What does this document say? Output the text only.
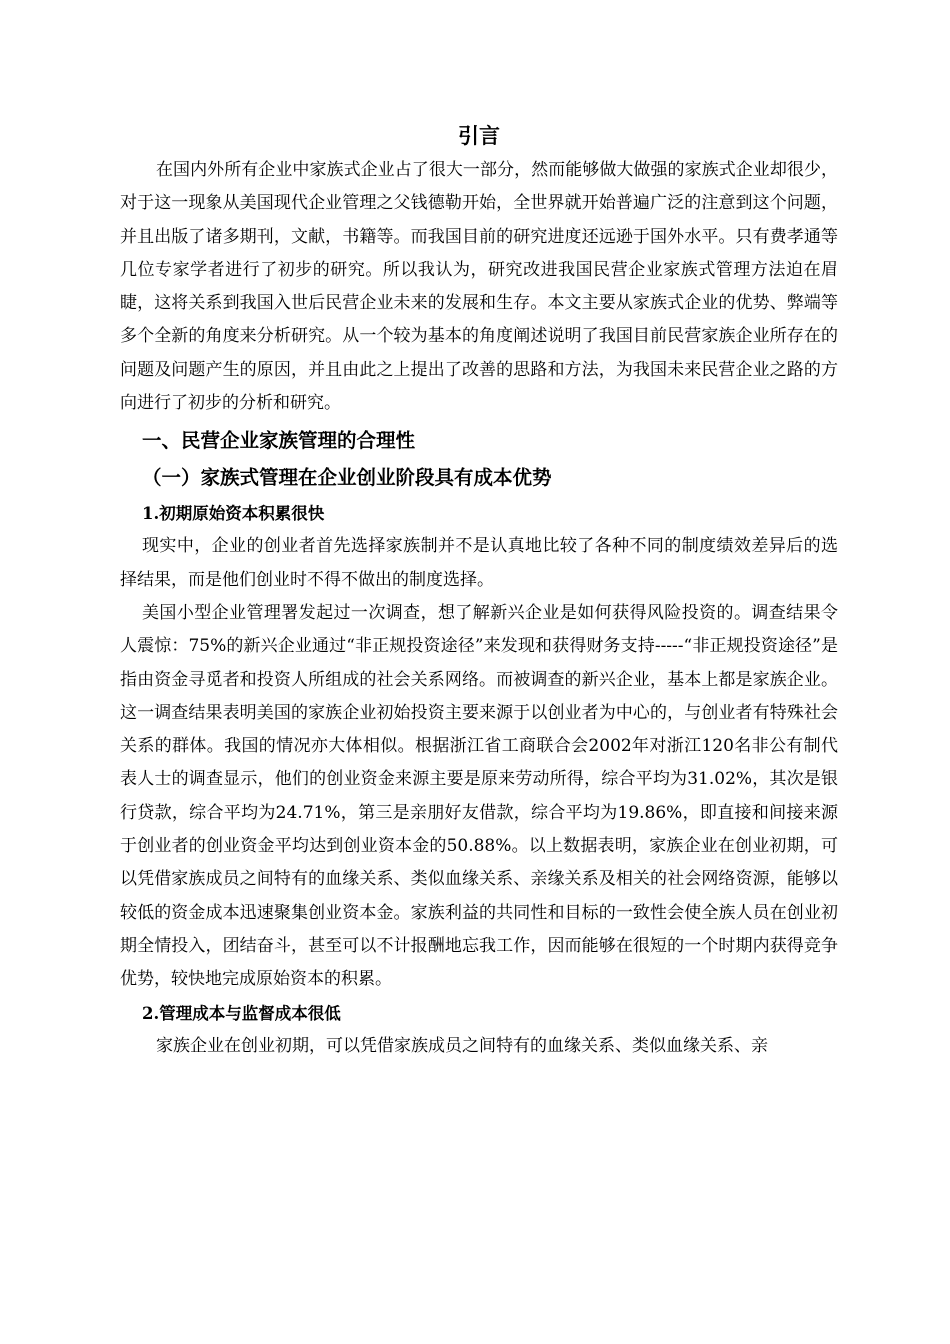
引言

在国内外所有企业中家族式企业占了很大一部分，然而能够做大做强的家族式企业却很少，对于这一现象从美国现代企业管理之父钱德勒开始，全世界就开始普遍广泛的注意到这个问题，并且出版了诸多期刊，文献，书籍等。而我国目前的研究进度还远逊于国外水平。只有费孝通等几位专家学者进行了初步的研究。所以我认为，研究改进我国民营企业家族式管理方法迫在眉睫，这将关系到我国入世后民营企业未来的发展和生存。本文主要从家族式企业的优势、弊端等多个全新的角度来分析研究。从一个较为基本的角度阐述说明了我国目前民营家族企业所存在的问题及问题产生的原因，并且由此之上提出了改善的思路和方法，为我国未来民营企业之路的方向进行了初步的分析和研究。

一、民营企业家族管理的合理性
（一）家族式管理在企业创业阶段具有成本优势
1.初期原始资本积累很快

现实中，企业的创业者首先选择家族制并不是认真地比较了各种不同的制度绩效差异后的选择结果，而是他们创业时不得不做出的制度选择。

美国小型企业管理署发起过一次调查，想了解新兴企业是如何获得风险投资的。调查结果令人震惊：75%的新兴企业通过“非正规投资途径”来发现和获得财务支持-----“非正规投资途径”是指由资金寻觅者和投资人所组成的社会关系网络。而被调查的新兴企业，基本上都是家族企业。这一调查结果表明美国的家族企业初始投资主要来源于以创业者为中心的，与创业者有特殊社会关系的群体。我国的情况亦大体相似。根据浙江省工商联合会2002年对浙江120名非公有制代表人士的调查显示，他们的创业资金来源主要是原来劳动所得，综合平均为31.02%，其次是银行贷款，综合平均为24.71%，第三是亲朋好友借款，综合平均为19.86%，即直接和间接来源于创业者的创业资金平均达到创业资本金的50.88%。以上数据表明，家族企业在创业初期，可以凭借家族成员之间特有的血缘关系、类似血缘关系、亲缘关系及相关的社会网络资源，能够以较低的资金成本迅速聚集创业资本金。家族利益的共同性和目标的一致性会使全族人员在创业初期全情投入，团结奋斗，甚至可以不计报酬地忘我工作，因而能够在很短的一个时期内获得竞争优势，较快地完成原始资本的积累。

2.管理成本与监督成本很低

家族企业在创业初期，可以凭借家族成员之间特有的血缘关系、类似血缘关系、亲
